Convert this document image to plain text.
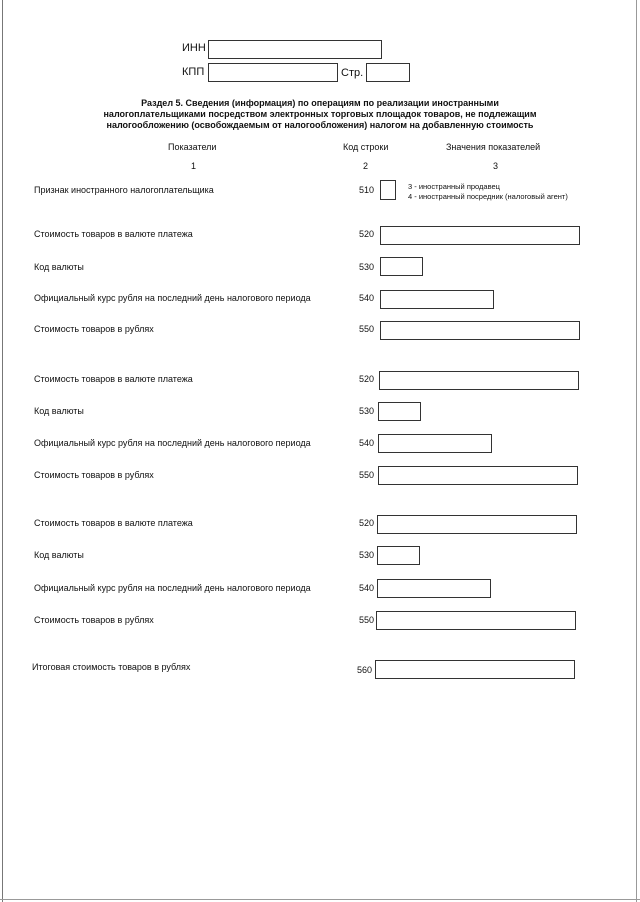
ИНН
КПП	Стр.
Раздел 5. Сведения (информация) по операциям по реализации иностранными
налогоплательщиками посредством электронных торговых площадок товаров, не подлежащим
налогообложению (освобождаемым от налогообложения) налогом на добавленную стоимость
Показатели	Код строки	Значения показателей
1	2	3
Признак иностранного налогоплательщика	510	3 - иностранный продавец
4 - иностранный посредник (налоговый агент)
Стоимость товаров в валюте платежа	520
Код валюты	530
Официальный курс рубля на последний день налогового периода	540
Стоимость товаров в рублях	550
Стоимость товаров в валюте платежа	520
Код валюты	530
Официальный курс рубля на последний день налогового периода	540
Стоимость товаров в рублях	550
Стоимость товаров в валюте платежа	520
Код валюты	530
Официальный курс рубля на последний день налогового периода	540
Стоимость товаров в рублях	550
Итоговая стоимость товаров в рублях	560
